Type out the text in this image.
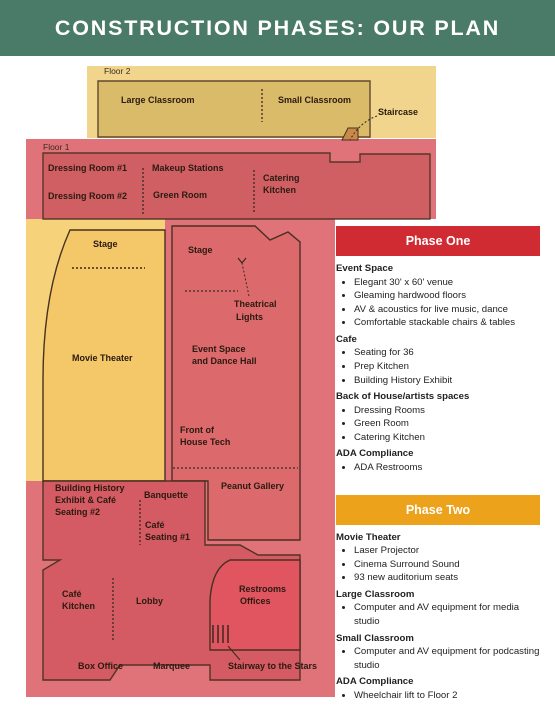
CONSTRUCTION PHASES: OUR PLAN
Floor 2
Floor 1
Large Classroom	Small Classroom
Staircase
Dressing Room #1	Makeup Stations
Dressing Room #2	Green Room
Catering
Kitchen
Stage
Stage
Movie Theater
Theatrical
Lights
Event Space
and Dance Hall
Front of
House Tech
Peanut Gallery
Building History
Exhibit & Café
Seating #2
Banquette
Café
Seating #1
Café
Kitchen	Lobby
Restrooms
Offices
Box Office	Marquee	Stairway to the Stars
Phase One
Event Space
• Elegant 30' x 60' venue
• Gleaming hardwood floors
• AV & acoustics for live music, dance
• Comfortable stackable chairs & tables
Cafe
• Seating for 36
• Prep Kitchen
• Building History Exhibit
Back of House/artists spaces
• Dressing Rooms
• Green Room
• Catering Kitchen
ADA Compliance
• ADA Restrooms
Phase Two
Movie Theater
• Laser Projector
• Cinema Surround Sound
• 93 new auditorium seats
Large Classroom
• Computer and AV equipment for media studio
Small Classroom
• Computer and AV equipment for podcasting studio
ADA Compliance
• Wheelchair lift to Floor 2
